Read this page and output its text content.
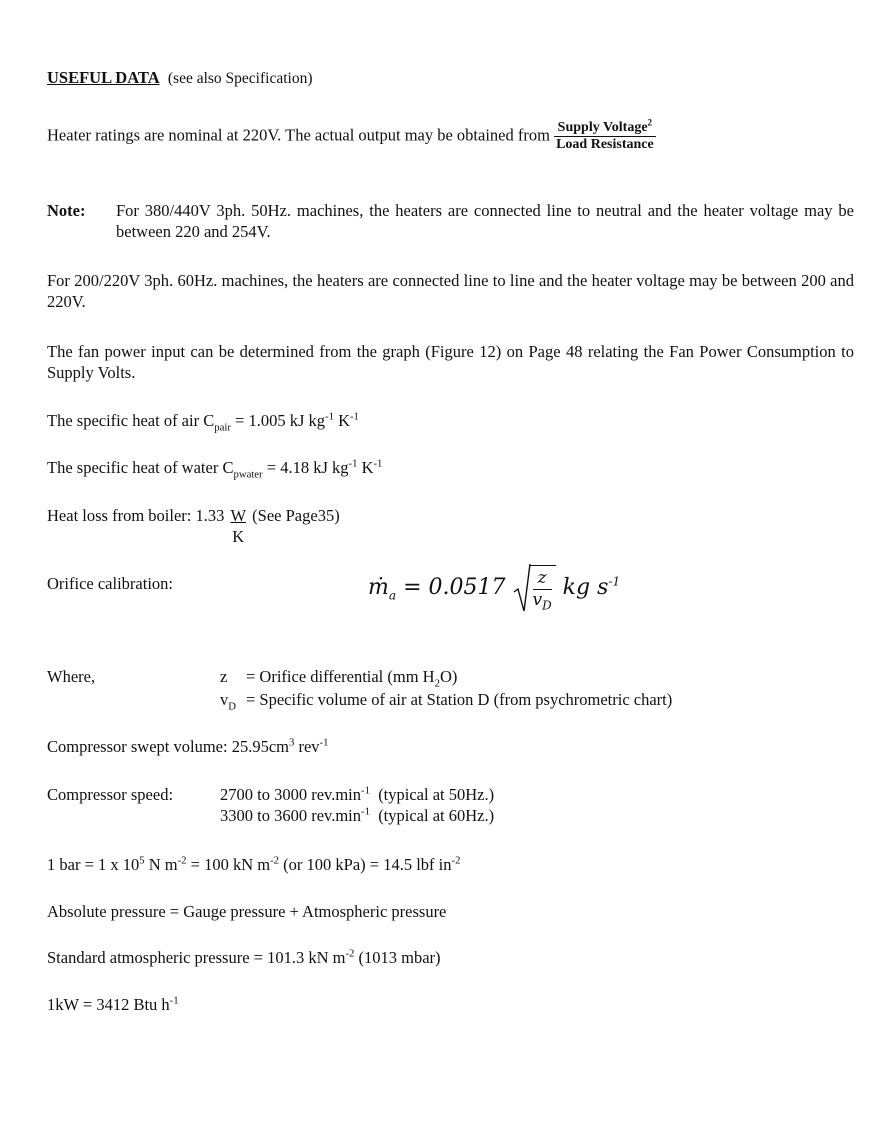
USEFUL DATA (see also Specification)
Heater ratings are nominal at 220V. The actual output may be obtained from $\frac{Supply Voltage^2}{\text{Load Resistance}}$
Note: For 380/440V 3ph. 50Hz. machines, the heaters are connected line to neutral and the heater voltage may be between 220 and 254V.
For 200/220V 3ph. 60Hz. machines, the heaters are connected line to line and the heater voltage may be between 200 and 220V.
The fan power input can be determined from the graph (Figure 12) on Page 48 relating the Fan Power Consumption to Supply Volts.
The specific heat of air $C_{pair} = 1.005$ kJ $kg^{-1}$ $K^{-1}$
The specific heat of water $C_{pwater} = 4.18$ kJ $kg^{-1}$ $K^{-1}$
Heat loss from boiler: $1.33 \frac{W}{K} (See$ Page35)
Orifice calibration:	ṁ$_a$ = $0.0517 \frac{z}{v_D}$ kg $s^{-1}$
Where,	z = Orifice differential (mm $H_2O$)
$v_D$ = Specific volume of air at Station D (from psychrometric chart)
Compressor swept volume: $25.95cm^3$ rev$^{-1}$
Compressor speed:	2700 to 3000 $rev.\min^{-1}$ (typical at 50Hz.)
3300 to 3600 $rev.\min^{-1}$ (typical at 60Hz.)
1 bar = 1 x $10^5$ N $m^{-2} = 100$ kN $m^{-2}$ (or 100 kPa) = 14.5 lbf $in^{-2}$
Absolute pressure = Gauge pressure + Atmospheric pressure
Standard atmospheric pressure = 101.3 kN $m^{-2}$ (1013 mbar)
1kW = 3412 Btu $h^{-1}$
